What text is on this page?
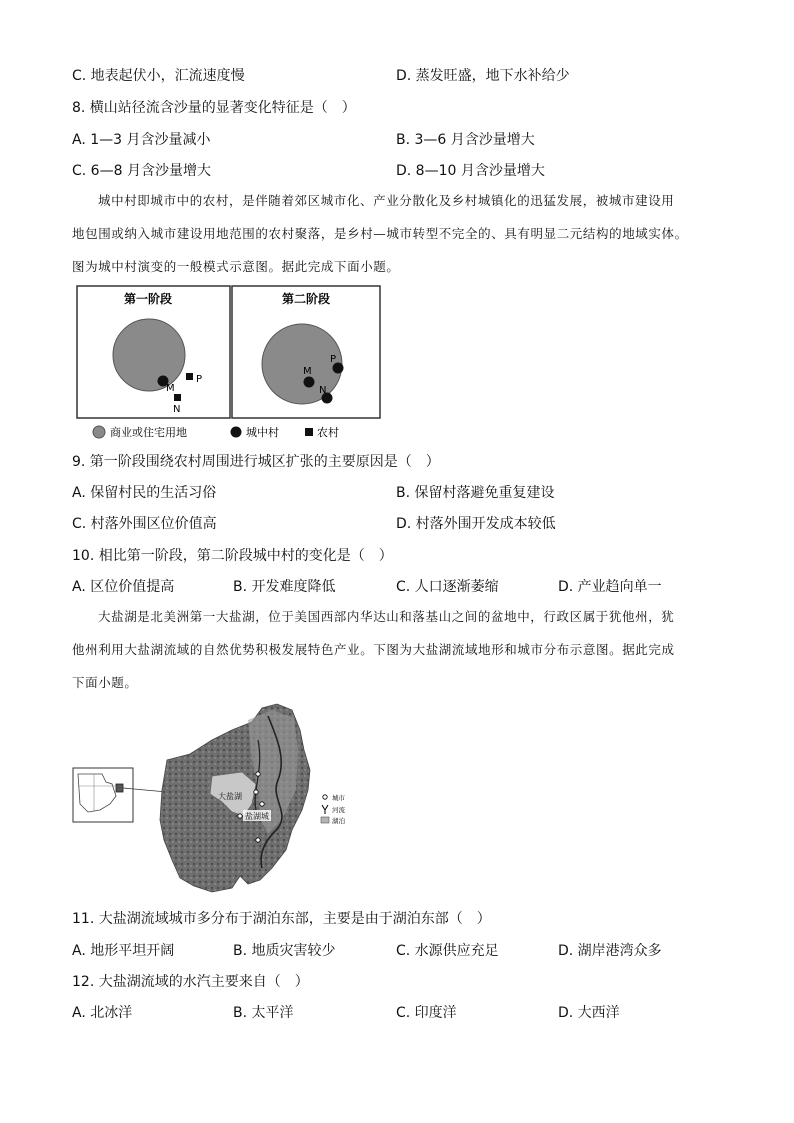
C. 地表起伏小，汇流速度慢	D. 蒸发旺盛，地下水补给少
8. 横山站径流含沙量的显著变化特征是（　）
A. 1—3 月含沙量减小	B. 3—6 月含沙量增大
C. 6—8 月含沙量增大	D. 8—10 月含沙量增大

城中村即城市中的农村，是伴随着郊区城市化、产业分散化及乡村城镇化的迅猛发展，被城市建设用

地包围或纳入城市建设用地范围的农村聚落，是乡村—城市转型不完全的、具有明显二元结构的地域实体。

图为城中村演变的一般模式示意图。据此完成下面小题。

第一阶段	第二阶段
M
P
N
M
P
N
商业或住宅用地	城中村	农村
9. 第一阶段围绕农村周围进行城区扩张的主要原因是（　）
A. 保留村民的生活习俗	B. 保留村落避免重复建设
C. 村落外围区位价值高	D. 村落外围开发成本较低
10. 相比第一阶段，第二阶段城中村的变化是（　）
A. 区位价值提高	B. 开发难度降低	C. 人口逐渐萎缩	D. 产业趋向单一

大盐湖是北美洲第一大盐湖，位于美国西部内华达山和落基山之间的盆地中，行政区属于犹他州，犹

他州利用大盐湖流域的自然优势积极发展特色产业。下图为大盐湖流域地形和城市分布示意图。据此完成

下面小题。

大盐湖
盐湖城
城市
河流
湖泊
11. 大盐湖流域城市多分布于湖泊东部，主要是由于湖泊东部（　）
A. 地形平坦开阔	B. 地质灾害较少	C. 水源供应充足	D. 湖岸港湾众多
12. 大盐湖流域的水汽主要来自（　）
A. 北冰洋	B. 太平洋	C. 印度洋	D. 大西洋
